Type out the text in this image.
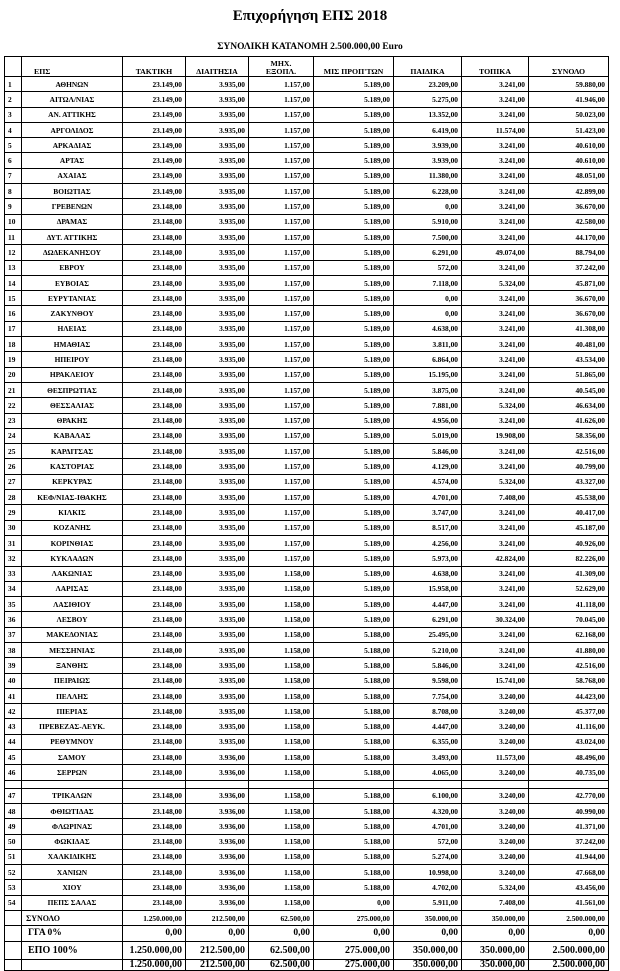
Επιχορήγηση ΕΠΣ 2018
ΣΥΝΟΛΙΚΗ ΚΑΤΑΝΟΜΗ 2.500.000,00 Euro
	ΕΠΣ	ΤΑΚΤΙΚΗ	ΔΙΑΙΤΗΣΙΑ	ΜΗΧ. ΕΞΟΠΛ.	ΜΙΣ ΠΡΟΠ'ΤΩΝ	ΠΑΙΔΙΚΑ	ΤΟΠΙΚΑ	ΣΥΝΟΛΟ
1	ΑΘΗΝΩΝ	23.149,00	3.935,00	1.157,00	5.189,00	23.209,00	3.241,00	59.880,00
2	ΑΙΤΩΛ/ΝΙΑΣ	23.149,00	3.935,00	1.157,00	5.189,00	5.275,00	3.241,00	41.946,00
3	ΑΝ. ΑΤΤΙΚΗΣ	23.149,00	3.935,00	1.157,00	5.189,00	13.352,00	3.241,00	50.023,00
4	ΑΡΓΟΛΙΔΟΣ	23.149,00	3.935,00	1.157,00	5.189,00	6.419,00	11.574,00	51.423,00
5	ΑΡΚΑΔΙΑΣ	23.149,00	3.935,00	1.157,00	5.189,00	3.939,00	3.241,00	40.610,00
6	ΑΡΤΑΣ	23.149,00	3.935,00	1.157,00	5.189,00	3.939,00	3.241,00	40.610,00
7	ΑΧΑΙΑΣ	23.149,00	3.935,00	1.157,00	5.189,00	11.380,00	3.241,00	48.051,00
8	ΒΟΙΩΤΙΑΣ	23.149,00	3.935,00	1.157,00	5.189,00	6.228,00	3.241,00	42.899,00
9	ΓΡΕΒΕΝΩΝ	23.148,00	3.935,00	1.157,00	5.189,00	0,00	3.241,00	36.670,00
10	ΔΡΑΜΑΣ	23.148,00	3.935,00	1.157,00	5.189,00	5.910,00	3.241,00	42.580,00
11	ΔΥΤ. ΑΤΤΙΚΗΣ	23.148,00	3.935,00	1.157,00	5.189,00	7.500,00	3.241,00	44.170,00
12	ΔΩΔΕΚΑΝΗΣΟΥ	23.148,00	3.935,00	1.157,00	5.189,00	6.291,00	49.074,00	88.794,00
13	ΕΒΡΟΥ	23.148,00	3.935,00	1.157,00	5.189,00	572,00	3.241,00	37.242,00
14	ΕΥΒΟΙΑΣ	23.148,00	3.935,00	1.157,00	5.189,00	7.118,00	5.324,00	45.871,00
15	ΕΥΡΥΤΑΝΙΑΣ	23.148,00	3.935,00	1.157,00	5.189,00	0,00	3.241,00	36.670,00
16	ΖΑΚΥΝΘΟΥ	23.148,00	3.935,00	1.157,00	5.189,00	0,00	3.241,00	36.670,00
17	ΗΛΕΙΑΣ	23.148,00	3.935,00	1.157,00	5.189,00	4.638,00	3.241,00	41.308,00
18	ΗΜΑΘΙΑΣ	23.148,00	3.935,00	1.157,00	5.189,00	3.811,00	3.241,00	40.481,00
19	ΗΠΕΙΡΟΥ	23.148,00	3.935,00	1.157,00	5.189,00	6.864,00	3.241,00	43.534,00
20	ΗΡΑΚΛΕΙΟΥ	23.148,00	3.935,00	1.157,00	5.189,00	15.195,00	3.241,00	51.865,00
21	ΘΕΣΠΡΩΤΙΑΣ	23.148,00	3.935,00	1.157,00	5.189,00	3.875,00	3.241,00	40.545,00
22	ΘΕΣΣΑΛΙΑΣ	23.148,00	3.935,00	1.157,00	5.189,00	7.881,00	5.324,00	46.634,00
23	ΘΡΑΚΗΣ	23.148,00	3.935,00	1.157,00	5.189,00	4.956,00	3.241,00	41.626,00
24	ΚΑΒΑΛΑΣ	23.148,00	3.935,00	1.157,00	5.189,00	5.019,00	19.908,00	58.356,00
25	ΚΑΡΔΙΤΣΑΣ	23.148,00	3.935,00	1.157,00	5.189,00	5.846,00	3.241,00	42.516,00
26	ΚΑΣΤΟΡΙΑΣ	23.148,00	3.935,00	1.157,00	5.189,00	4.129,00	3.241,00	40.799,00
27	ΚΕΡΚΥΡΑΣ	23.148,00	3.935,00	1.157,00	5.189,00	4.574,00	5.324,00	43.327,00
28	ΚΕΦ/ΝΙΑΣ-ΙΘΑΚΗΣ	23.148,00	3.935,00	1.157,00	5.189,00	4.701,00	7.408,00	45.538,00
29	ΚΙΛΚΙΣ	23.148,00	3.935,00	1.157,00	5.189,00	3.747,00	3.241,00	40.417,00
30	ΚΟΖΑΝΗΣ	23.148,00	3.935,00	1.157,00	5.189,00	8.517,00	3.241,00	45.187,00
31	ΚΟΡΙΝΘΙΑΣ	23.148,00	3.935,00	1.157,00	5.189,00	4.256,00	3.241,00	40.926,00
32	ΚΥΚΛΑΔΩΝ	23.148,00	3.935,00	1.157,00	5.189,00	5.973,00	42.824,00	82.226,00
33	ΛΑΚΩΝΙΑΣ	23.148,00	3.935,00	1.158,00	5.189,00	4.638,00	3.241,00	41.309,00
34	ΛΑΡΙΣΑΣ	23.148,00	3.935,00	1.158,00	5.189,00	15.958,00	3.241,00	52.629,00
35	ΛΑΣΙΘΙΟΥ	23.148,00	3.935,00	1.158,00	5.189,00	4.447,00	3.241,00	41.118,00
36	ΛΕΣΒΟΥ	23.148,00	3.935,00	1.158,00	5.189,00	6.291,00	30.324,00	70.045,00
37	ΜΑΚΕΔΟΝΙΑΣ	23.148,00	3.935,00	1.158,00	5.188,00	25.495,00	3.241,00	62.168,00
38	ΜΕΣΣΗΝΙΑΣ	23.148,00	3.935,00	1.158,00	5.188,00	5.210,00	3.241,00	41.880,00
39	ΞΑΝΘΗΣ	23.148,00	3.935,00	1.158,00	5.188,00	5.846,00	3.241,00	42.516,00
40	ΠΕΙΡΑΙΩΣ	23.148,00	3.935,00	1.158,00	5.188,00	9.598,00	15.741,00	58.768,00
41	ΠΕΛΛΗΣ	23.148,00	3.935,00	1.158,00	5.188,00	7.754,00	3.240,00	44.423,00
42	ΠΙΕΡΙΑΣ	23.148,00	3.935,00	1.158,00	5.188,00	8.708,00	3.240,00	45.377,00
43	ΠΡΕΒΕΖΑΣ-ΛΕΥΚ.	23.148,00	3.935,00	1.158,00	5.188,00	4.447,00	3.240,00	41.116,00
44	ΡΕΘΥΜΝΟΥ	23.148,00	3.935,00	1.158,00	5.188,00	6.355,00	3.240,00	43.024,00
45	ΣΑΜΟΥ	23.148,00	3.936,00	1.158,00	5.188,00	3.493,00	11.573,00	48.496,00
46	ΣΕΡΡΩΝ	23.148,00	3.936,00	1.158,00	5.188,00	4.065,00	3.240,00	40.735,00

47	ΤΡΙΚΑΛΩΝ	23.148,00	3.936,00	1.158,00	5.188,00	6.100,00	3.240,00	42.770,00
48	ΦΘΙΩΤΙΔΑΣ	23.148,00	3.936,00	1.158,00	5.188,00	4.320,00	3.240,00	40.990,00
49	ΦΛΩΡΙΝΑΣ	23.148,00	3.936,00	1.158,00	5.188,00	4.701,00	3.240,00	41.371,00
50	ΦΩΚΙΔΑΣ	23.148,00	3.936,00	1.158,00	5.188,00	572,00	3.240,00	37.242,00
51	ΧΑΛΚΙΔΙΚΗΣ	23.148,00	3.936,00	1.158,00	5.188,00	5.274,00	3.240,00	41.944,00
52	ΧΑΝΙΩΝ	23.148,00	3.936,00	1.158,00	5.188,00	10.998,00	3.240,00	47.668,00
53	ΧΙΟΥ	23.148,00	3.936,00	1.158,00	5.188,00	4.702,00	5.324,00	43.456,00
54	ΠΕΠΣ ΣΑΛΑΣ	23.148,00	3.936,00	1.158,00	0,00	5.911,00	7.408,00	41.561,00
	ΣΥΝΟΛΟ	1.250.000,00	212.500,00	62.500,00	275.000,00	350.000,00	350.000,00	2.500.000,00
	ΓΓΑ 0%	0,00	0,00	0,00	0,00	0,00	0,00	0,00
	ΕΠΟ 100%	1.250.000,00	212.500,00	62.500,00	275.000,00	350.000,00	350.000,00	2.500.000,00
		1.250.000,00	212.500,00	62.500,00	275.000,00	350.000,00	350.000,00	2.500.000,00
